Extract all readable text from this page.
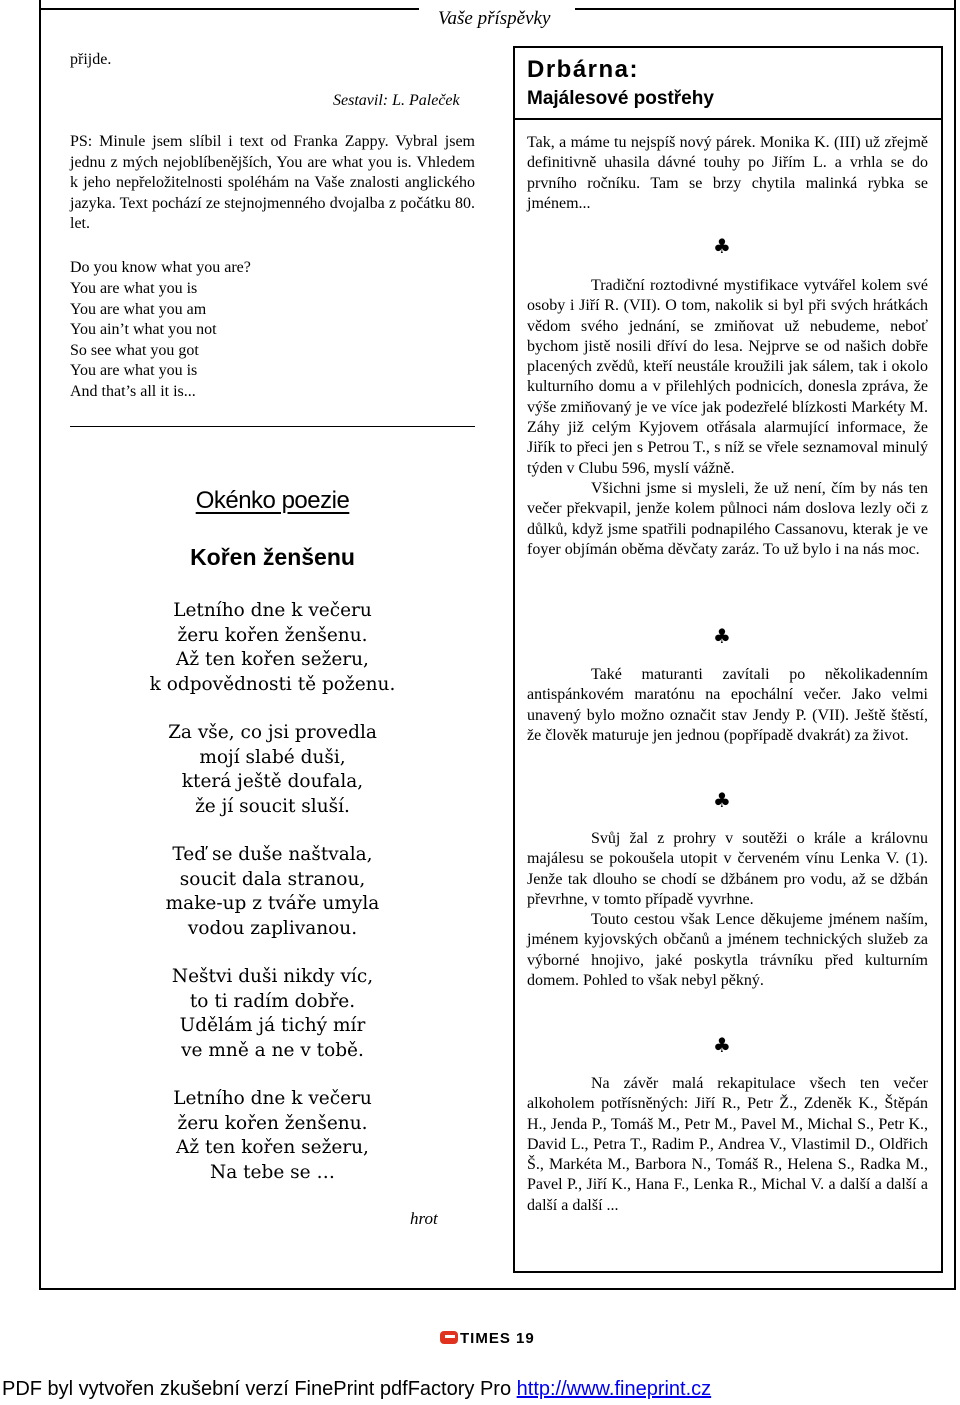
Vaše příspěvky

přijde.

Sestavil: L. Paleček
PS: Minule jsem slíbil i text od Franka Zappy. Vybral jsem jednu z mých nejoblíbenějších, You are what you is. Vhledem k jeho nepřeložitelnosti spoléhám na Vaše znalosti anglického jazyka. Text pochází ze stejnojmenného dvojalba z počátku 80. let.
Do you know what you are?
You are what you is
You are what you am
You ain’t what you not
So see what you got
You are what you is
And that’s all it is...
Okénko poezie
Kořen ženšenu
Letního dne k večeru
žeru kořen ženšenu.
Až ten kořen sežeru,
k odpovědnosti tě poženu.
Za vše, co jsi provedla
mojí slabé duši,
která ještě doufala,
že jí soucit sluší.
Teď se duše naštvala,
soucit dala stranou,
make-up z tváře umyla
vodou zaplivanou.
Neštvi duši nikdy víc,
to ti radím dobře.
Udělám já tichý mír
ve mně a ne v tobě.
Letního dne k večeru
žeru kořen ženšenu.
Až ten kořen sežeru,
Na tebe se …
hrot
Drbárna:
Majálesové postřehy

Tak, a máme tu nejspíš nový párek. Monika K. (III) už zřejmě definitivně uhasila dávné touhy po Jiřím L. a vrhla se do prvního ročníku. Tam se brzy chytila malinká rybka se jménem...

♣

Tradiční roztodivné mystifikace vytvářel kolem své osoby i Jiří R. (VII). O tom, nakolik si byl při svých hrátkách vědom svého jednání, se zmiňovat už nebudeme, neboť bychom jistě nosili dříví do lesa. Nejprve se od našich dobře placených zvědů, kteří neustále kroužili jak sálem, tak i okolo kulturního domu a v přilehlých podnicích, donesla zpráva, že výše zmiňovaný je ve více jak podezřelé blízkosti Markéty M. Záhy již celým Kyjovem otřásala alarmující informace, že Jiřík to přeci jen s Petrou T., s níž se vřele seznamoval minulý týden v Clubu 596, myslí vážně.

Všichni jsme si mysleli, že už není, čím by nás ten večer překvapil, jenže kolem půlnoci nám doslova lezly oči z důlků, když jsme spatřili podnapilého Cassanovu, kterak je ve foyer objímán oběma děvčaty zaráz. To už bylo i na nás moc.

♣

Také maturanti zavítali po několikadenním antispánkovém maratónu na epochální večer. Jako velmi unavený bylo možno označit stav Jendy P. (VII). Ještě štěstí, že člověk maturuje jen jednou (popřípadě dvakrát) za život.

♣

Svůj žal z prohry v soutěži o krále a královnu majálesu se pokoušela utopit v červeném vínu Lenka V. (1). Jenže tak dlouho se chodí se džbánem pro vodu, až se džbán převrhne, v tomto případě vyvrhne.

Touto cestou však Lence děkujeme jménem naším, jménem kyjovských občanů a jménem technických služeb za výborné hnojivo, jaké poskytla trávníku před kulturním domem. Pohled to však nebyl pěkný.

♣

Na závěr malá rekapitulace všech ten večer alkoholem potřísněných: Jiří R., Petr Ž., Zdeněk K., Štěpán H., Jenda P., Tomáš M., Petr M., Pavel M., Michal S., Petr K., David L., Petra T., Radim P., Andrea V., Vlastimil D., Oldřich Š., Markéta M., Barbora N., Tomáš R., Helena S., Radka M., Pavel P., Jiří K., Hana F., Lenka R., Michal V. a další a další a další a další ...

TIMES 19
PDF byl vytvořen zkušební verzí FinePrint pdfFactory Pro http://www.fineprint.cz
